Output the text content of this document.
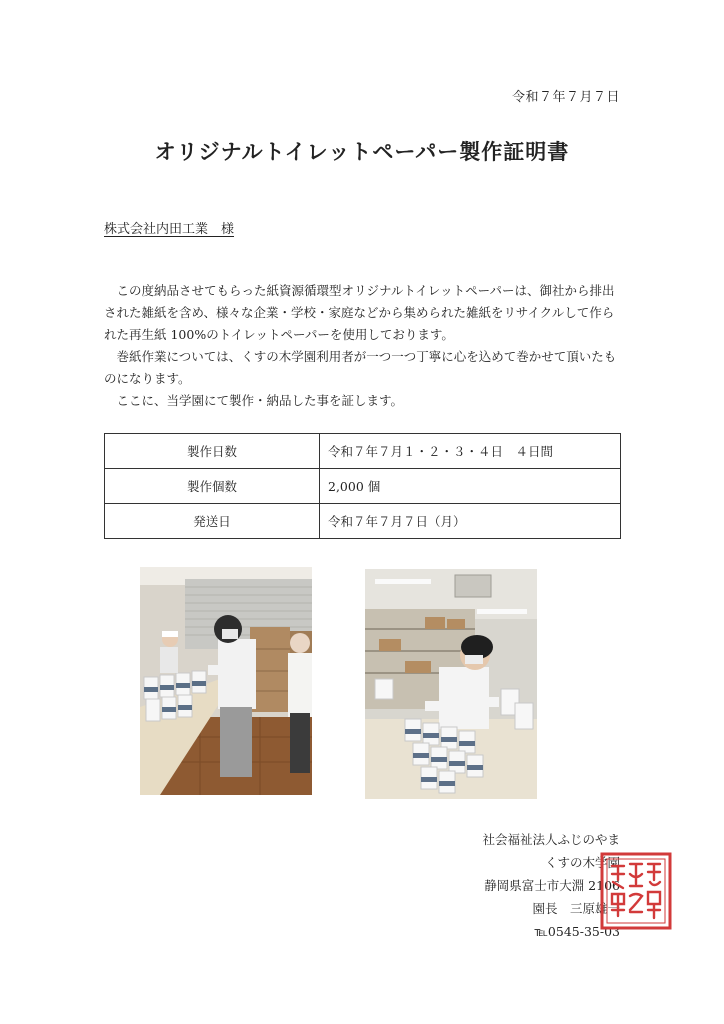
令和７年７月７日
オリジナルトイレットペーパー製作証明書
株式会社内田工業　様

この度納品させてもらった紙資源循環型オリジナルトイレットペーパーは、御社から排出された雑紙を含め、様々な企業・学校・家庭などから集められた雑紙をリサイクルして作られた再生紙 100%のトイレットペーパーを使用しております。

巻紙作業については、くすの木学園利用者が一つ一つ丁寧に心を込めて巻かせて頂いたものになります。

ここに、当学園にて製作・納品した事を証します。

製作日数	令和７年７月１・２・３・４日　４日間
製作個数	2,000 個
発送日	令和７年７月７日（月）
社会福祉法人ふじのやま
くすの木学園
静岡県富士市大淵 2106
園長　三原雄一
℡0545-35-03
